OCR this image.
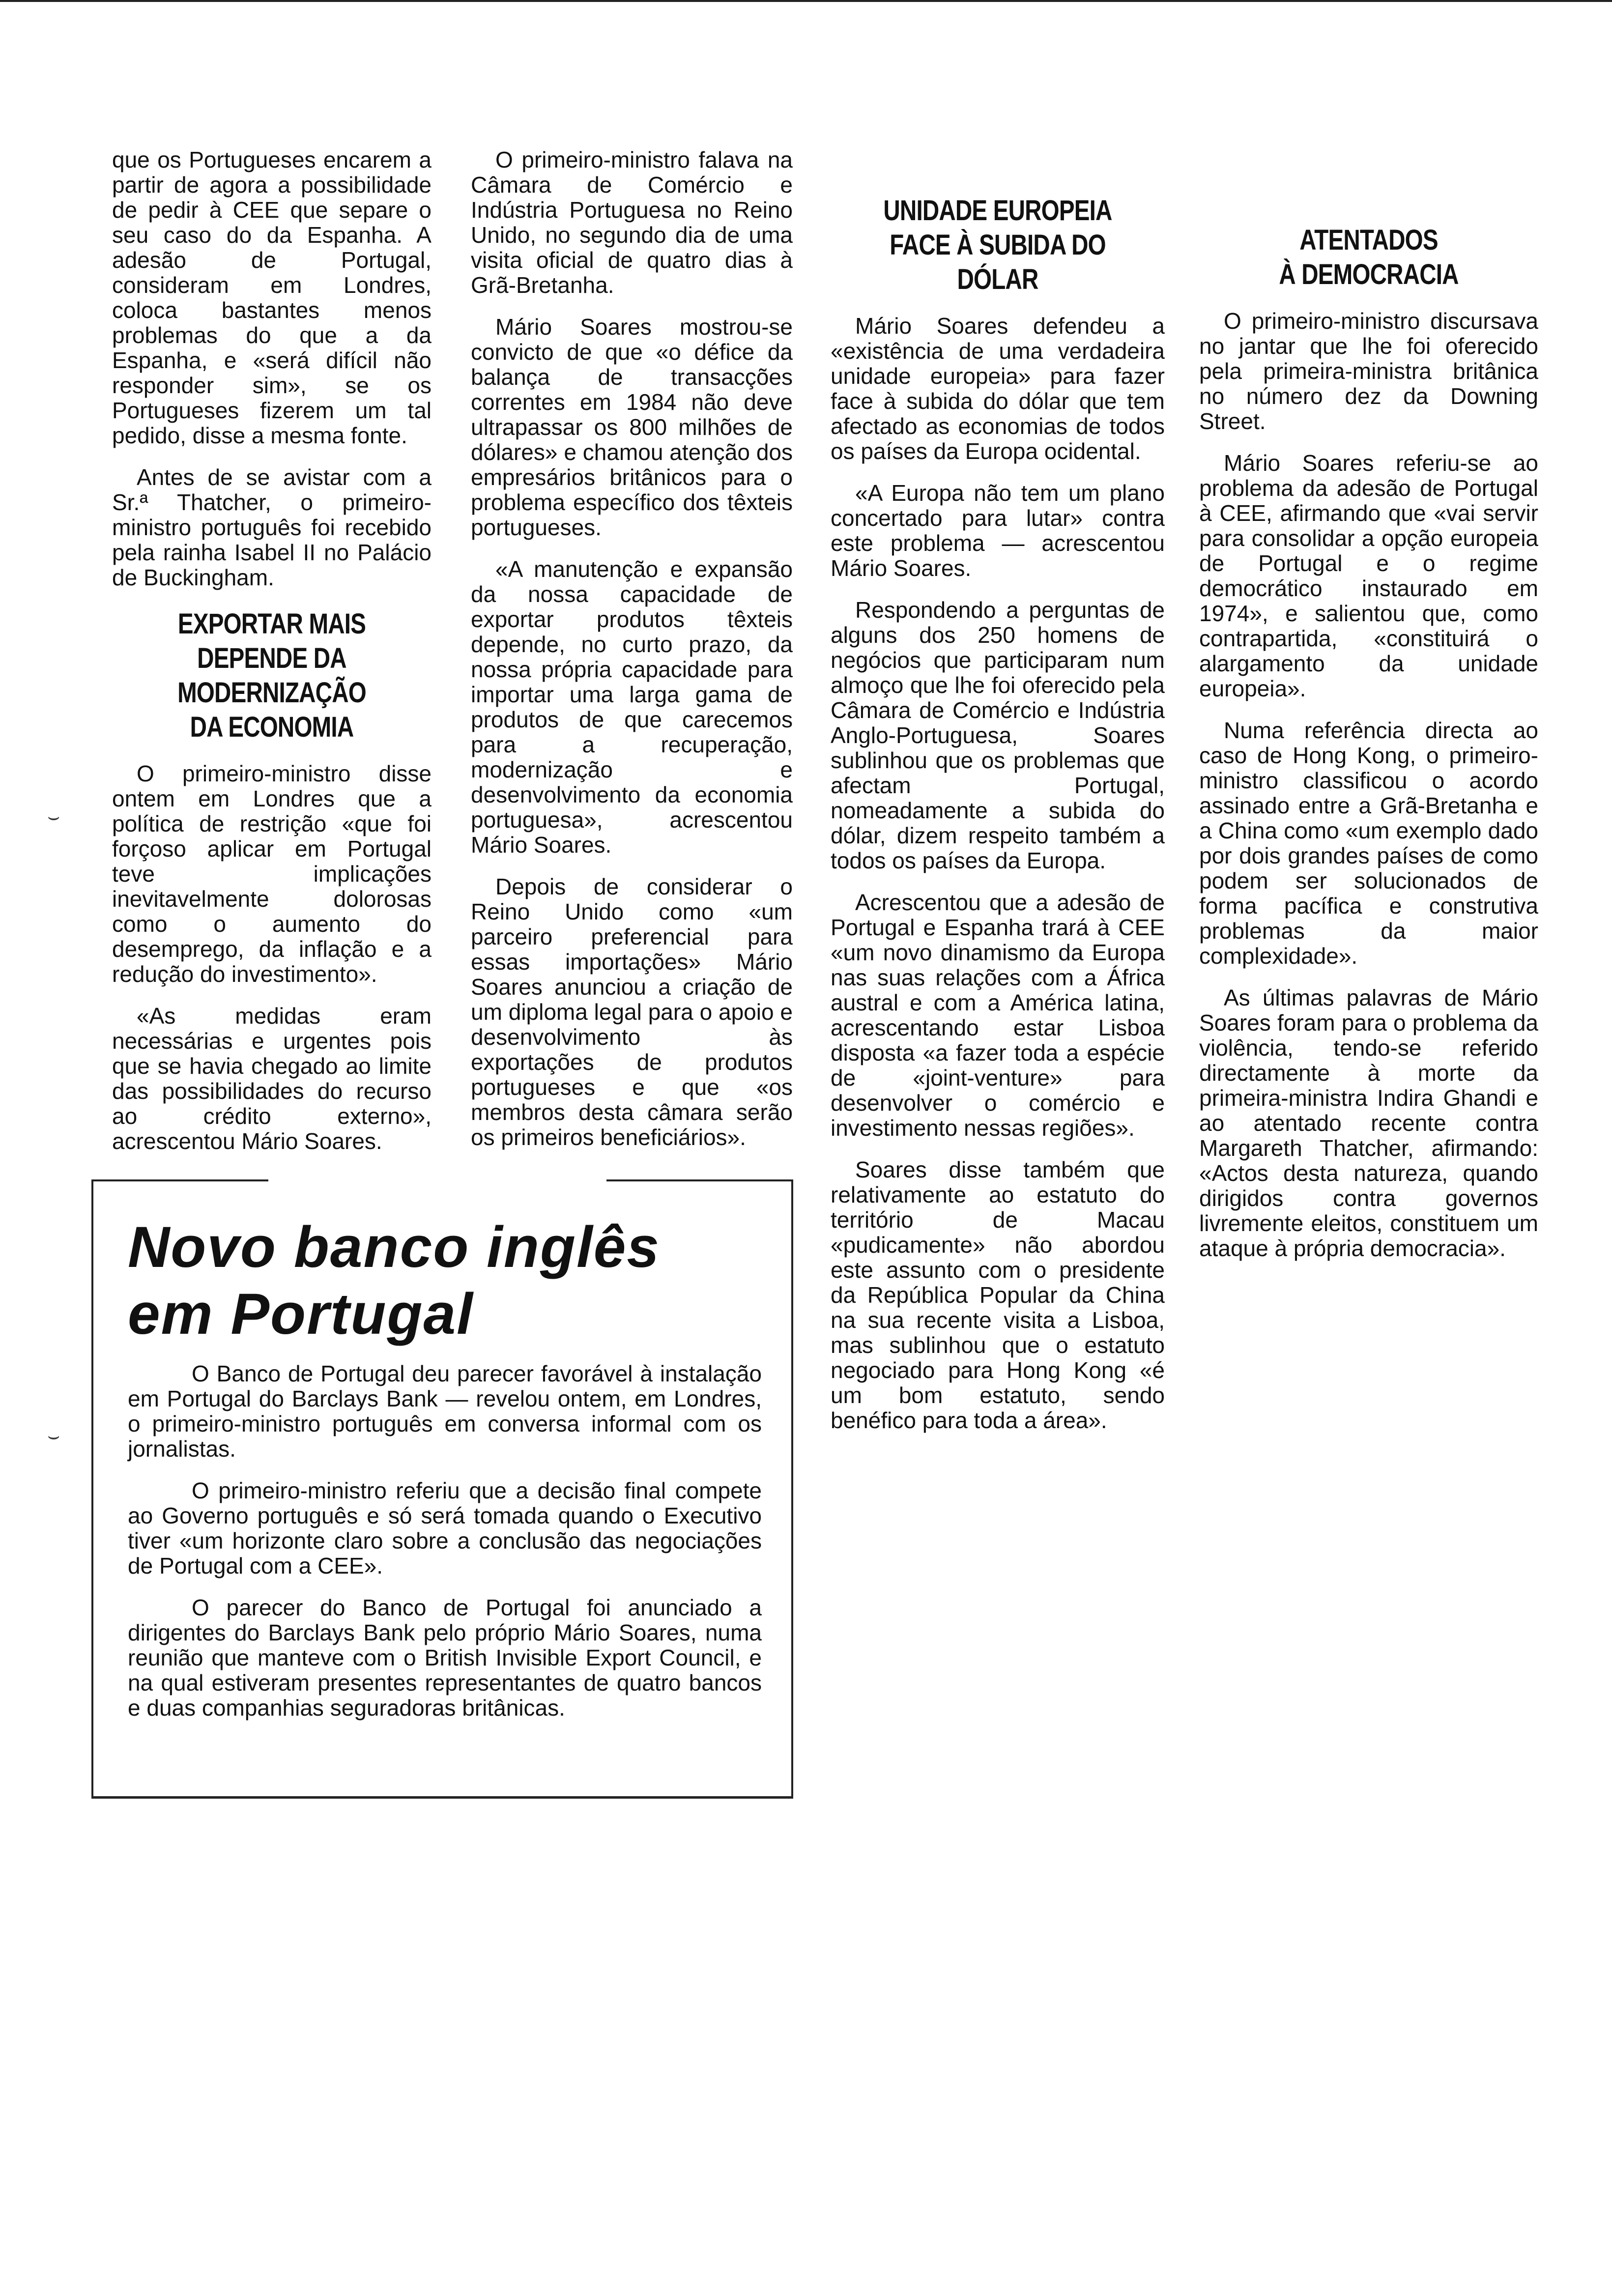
que os Portugueses encarem a partir de agora a possibilidade de pedir à CEE que separe o seu caso do da Espanha. A adesão de Portugal, consideram em Londres, coloca bastantes menos problemas do que a da Espanha, e «será difícil não responder sim», se os Portugueses fizerem um tal pedido, disse a mesma fonte.

Antes de se avistar com a Sr.ª Thatcher, o primeiro-ministro português foi recebido pela rainha Isabel II no Palácio de Buckingham.

EXPORTAR MAIS
DEPENDE DA MODERNIZAÇÃO
DA ECONOMIA

O primeiro-ministro disse ontem em Londres que a política de restrição «que foi forçoso aplicar em Portugal teve implicações inevitavelmente dolorosas como o aumento do desemprego, da inflação e a redução do investimento».

«As medidas eram necessárias e urgentes pois que se havia chegado ao limite das possibilidades do recurso ao crédito externo», acrescentou Mário Soares.

O primeiro-ministro falava na Câmara de Comércio e Indústria Portuguesa no Reino Unido, no segundo dia de uma visita oficial de quatro dias à Grã-Bretanha.

Mário Soares mostrou-se convicto de que «o défice da balança de transacções correntes em 1984 não deve ultrapassar os 800 milhões de dólares» e chamou atenção dos empresários britânicos para o problema específico dos têxteis portugueses.

«A manutenção e expansão da nossa capacidade de exportar produtos têxteis depende, no curto prazo, da nossa própria capacidade para importar uma larga gama de produtos de que carecemos para a recuperação, modernização e desenvolvimento da economia portuguesa», acrescentou Mário Soares.

Depois de considerar o Reino Unido como «um parceiro preferencial para essas importações» Mário Soares anunciou a criação de um diploma legal para o apoio e desenvolvimento às exportações de produtos portugueses e que «os membros desta câmara serão os primeiros beneficiários».

UNIDADE EUROPEIA
FACE À SUBIDA DO DÓLAR

Mário Soares defendeu a «existência de uma verdadeira unidade europeia» para fazer face à subida do dólar que tem afectado as economias de todos os países da Europa ocidental.

«A Europa não tem um plano concertado para lutar» contra este problema — acrescentou Mário Soares.

Respondendo a perguntas de alguns dos 250 homens de negócios que participaram num almoço que lhe foi oferecido pela Câmara de Comércio e Indústria Anglo-Portuguesa, Soares sublinhou que os problemas que afectam Portugal, nomeadamente a subida do dólar, dizem respeito também a todos os países da Europa.

Acrescentou que a adesão de Portugal e Espanha trará à CEE «um novo dinamismo da Europa nas suas relações com a África austral e com a América latina, acrescentando estar Lisboa disposta «a fazer toda a espécie de «joint-venture» para desenvolver o comércio e investimento nessas regiões».

Soares disse também que relativamente ao estatuto do território de Macau «pudicamente» não abordou este assunto com o presidente da República Popular da China na sua recente visita a Lisboa, mas sublinhou que o estatuto negociado para Hong Kong «é um bom estatuto, sendo benéfico para toda a área».

ATENTADOS
À DEMOCRACIA

O primeiro-ministro discursava no jantar que lhe foi oferecido pela primeira-ministra britânica no número dez da Downing Street.

Mário Soares referiu-se ao problema da adesão de Portugal à CEE, afirmando que «vai servir para consolidar a opção europeia de Portugal e o regime democrático instaurado em 1974», e salientou que, como contrapartida, «constituirá o alargamento da unidade europeia».

Numa referência directa ao caso de Hong Kong, o primeiro-ministro classificou o acordo assinado entre a Grã-Bretanha e a China como «um exemplo dado por dois grandes países de como podem ser solucionados de forma pacífica e construtiva problemas da maior complexidade».

As últimas palavras de Mário Soares foram para o problema da violência, tendo-se referido directamente à morte da primeira-ministra Indira Ghandi e ao atentado recente contra Margareth Thatcher, afirmando: «Actos desta natureza, quando dirigidos contra governos livremente eleitos, constituem um ataque à própria democracia».

Novo banco inglês
em Portugal

O Banco de Portugal deu parecer favorável à instalação em Portugal do Barclays Bank — revelou ontem, em Londres, o primeiro-ministro português em conversa informal com os jornalistas.

O primeiro-ministro referiu que a decisão final compete ao Governo português e só será tomada quando o Executivo tiver «um horizonte claro sobre a conclusão das negociações de Portugal com a CEE».

O parecer do Banco de Portugal foi anunciado a dirigentes do Barclays Bank pelo próprio Mário Soares, numa reunião que manteve com o British Invisible Export Council, e na qual estiveram presentes representantes de quatro bancos e duas companhias seguradoras britânicas.

⌣
⌣
